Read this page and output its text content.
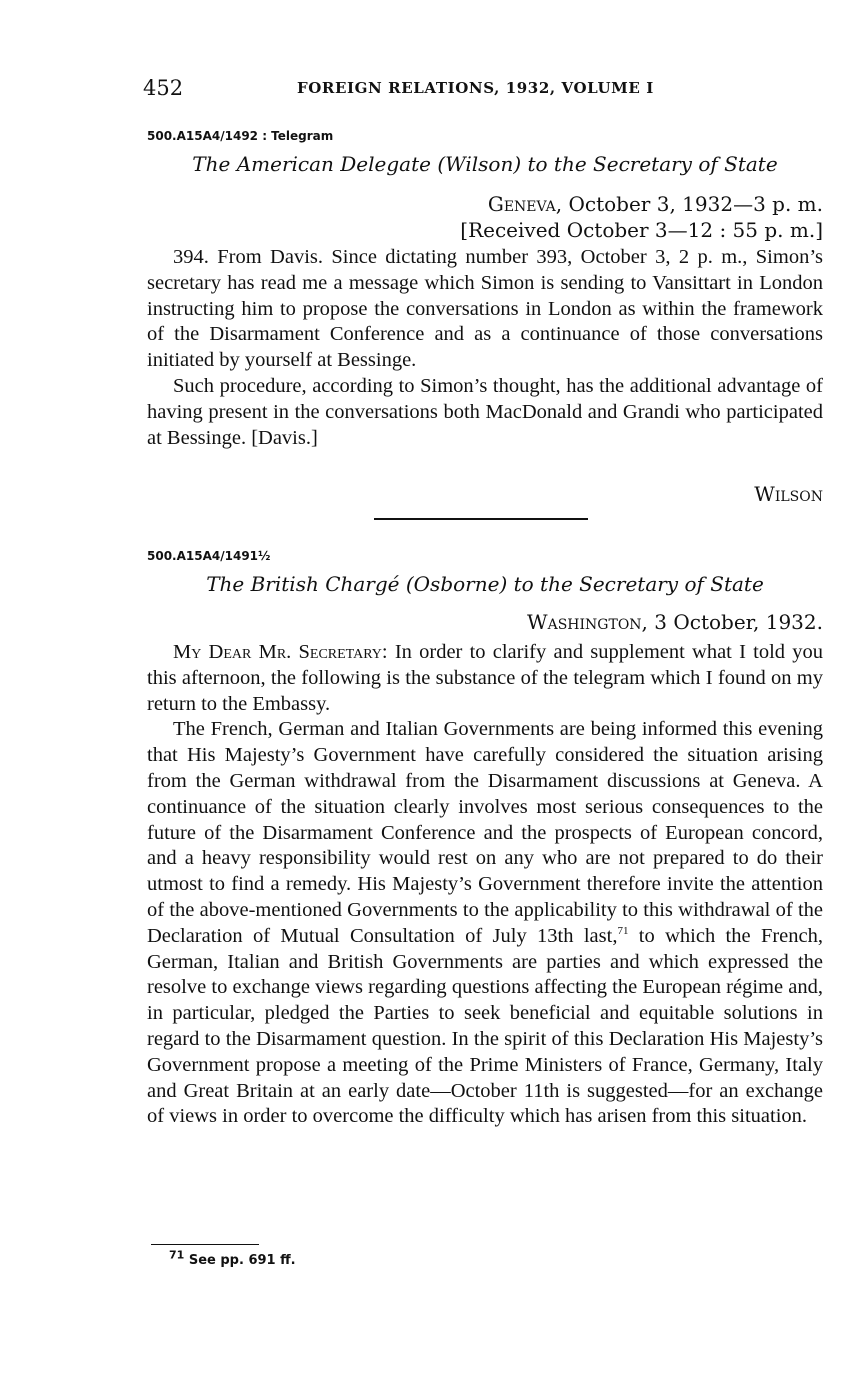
452	FOREIGN RELATIONS, 1932, VOLUME I
500.A15A4/1492 : Telegram
The American Delegate (Wilson) to the Secretary of State
Geneva, October 3, 1932—3 p. m.
[Received October 3—12 : 55 p. m.]

394. From Davis. Since dictating number 393, October 3, 2 p. m., Simon’s secretary has read me a message which Simon is sending to Vansittart in London instructing him to propose the conversations in London as within the framework of the Disarmament Conference and as a continuance of those conversations initiated by yourself at Bessinge.

Such procedure, according to Simon’s thought, has the additional advantage of having present in the conversations both MacDonald and Grandi who participated at Bessinge. [Davis.]

Wilson
500.A15A4/1491½
The British Chargé (Osborne) to the Secretary of State
Washington, 3 October, 1932.

My Dear Mr. Secretary: In order to clarify and supplement what I told you this afternoon, the following is the substance of the telegram which I found on my return to the Embassy.

The French, German and Italian Governments are being informed this evening that His Majesty’s Government have carefully considered the situation arising from the German withdrawal from the Disarmament discussions at Geneva. A continuance of the situation clearly involves most serious consequences to the future of the Disarmament Conference and the prospects of European concord, and a heavy responsibility would rest on any who are not prepared to do their utmost to find a remedy. His Majesty’s Government therefore invite the attention of the above-mentioned Governments to the applicability to this withdrawal of the Declaration of Mutual Consultation of July 13th last,$^{71}$ to which the French, German, Italian and British Governments are parties and which expressed the resolve to exchange views regarding questions affecting the European régime and, in particular, pledged the Parties to seek beneficial and equitable solutions in regard to the Disarmament question. In the spirit of this Declaration His Majesty’s Government propose a meeting of the Prime Ministers of France, Germany, Italy and Great Britain at an early date—October 11th is suggested—for an exchange of views in order to overcome the difficulty which has arisen from this situation.

$^{71}$ See pp. 691 ff.
